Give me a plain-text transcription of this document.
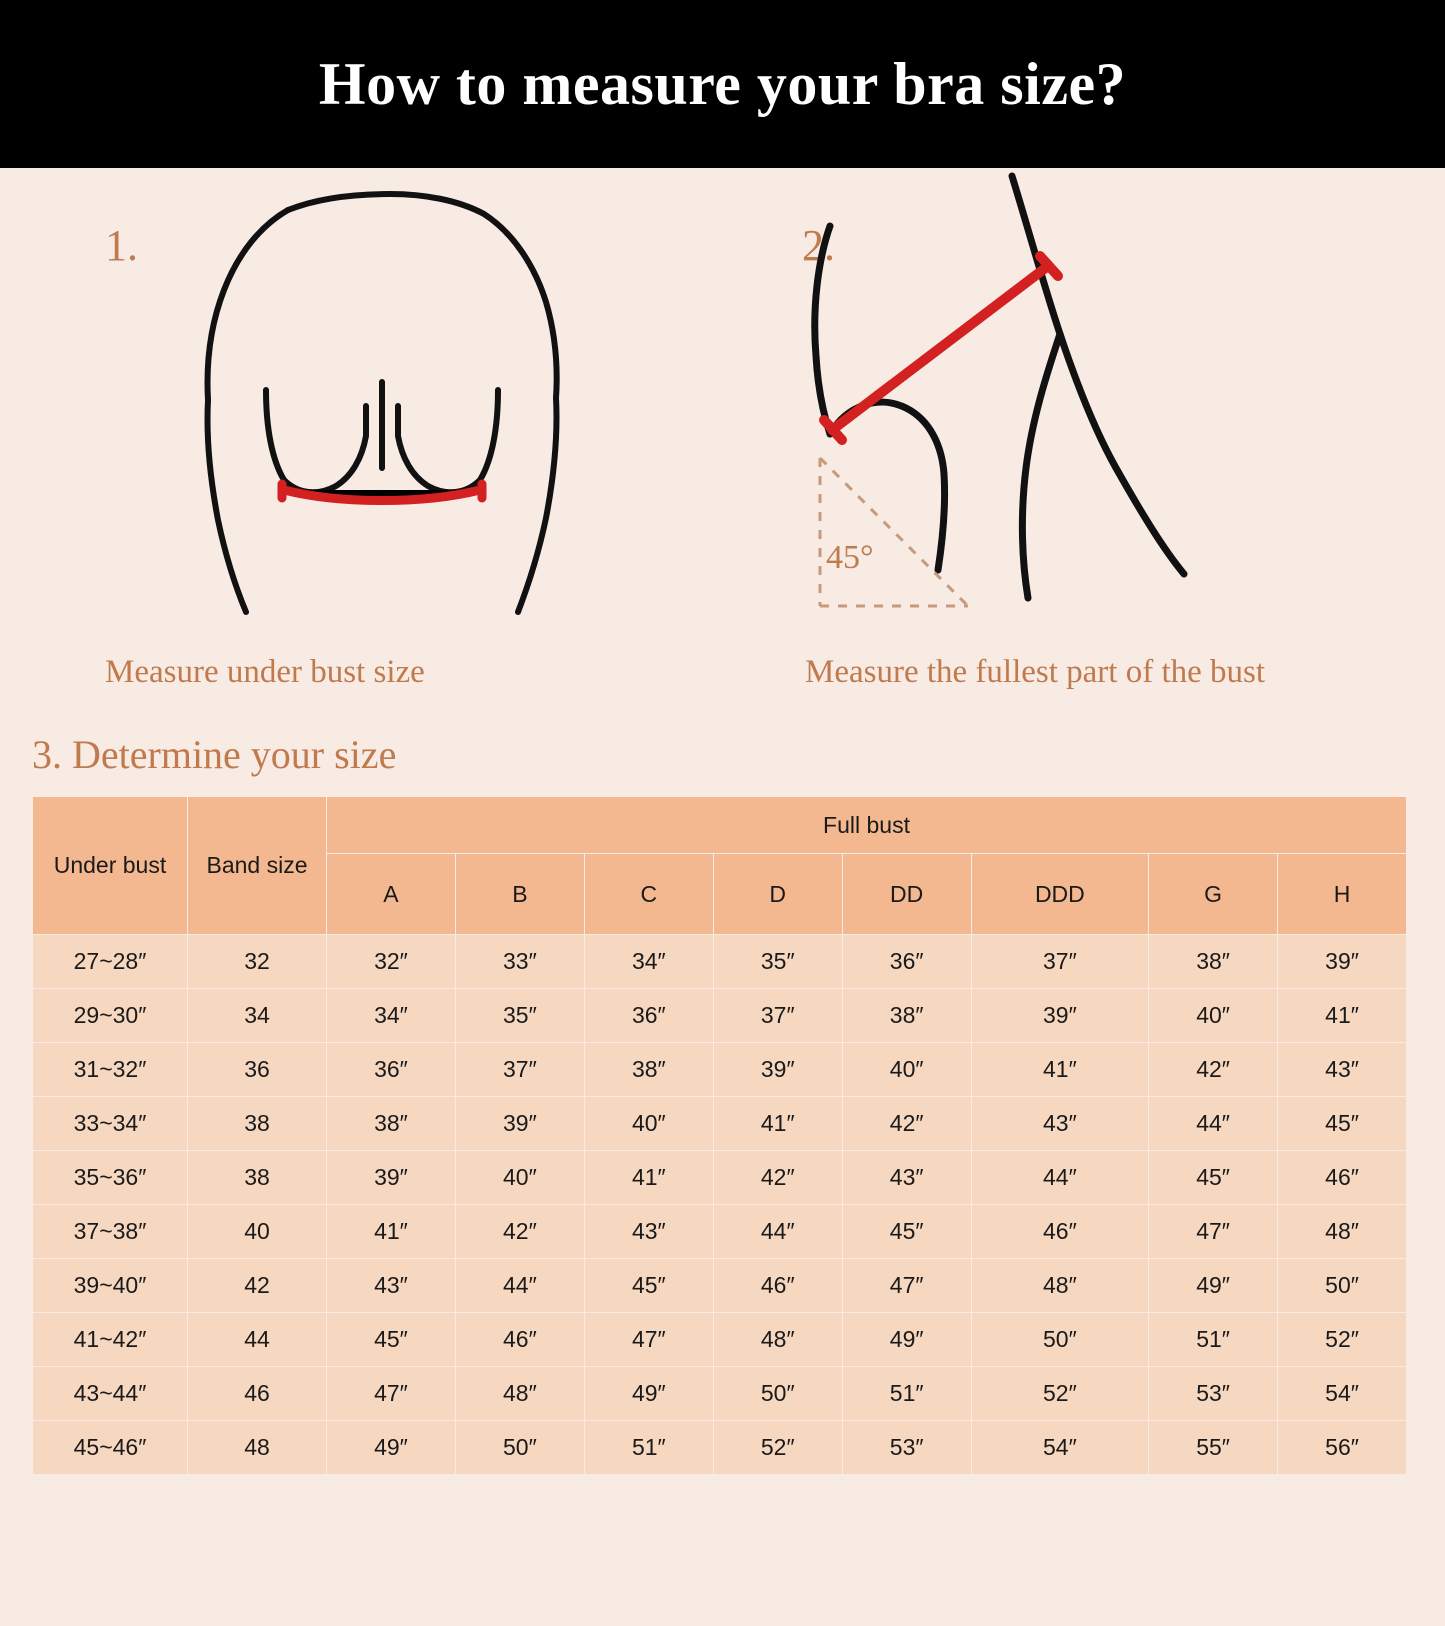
How to measure your bra size?
1.
Measure under bust size
2.
45°
Measure the fullest part of the bust
3. Determine your size
Under bust	Band size	Full bust							
		A	B	C	D	DD	DDD	G	H
27~28″	32	32″	33″	34″	35″	36″	37″	38″	39″
29~30″	34	34″	35″	36″	37″	38″	39″	40″	41″
31~32″	36	36″	37″	38″	39″	40″	41″	42″	43″
33~34″	38	38″	39″	40″	41″	42″	43″	44″	45″
35~36″	38	39″	40″	41″	42″	43″	44″	45″	46″
37~38″	40	41″	42″	43″	44″	45″	46″	47″	48″
39~40″	42	43″	44″	45″	46″	47″	48″	49″	50″
41~42″	44	45″	46″	47″	48″	49″	50″	51″	52″
43~44″	46	47″	48″	49″	50″	51″	52″	53″	54″
45~46″	48	49″	50″	51″	52″	53″	54″	55″	56″
